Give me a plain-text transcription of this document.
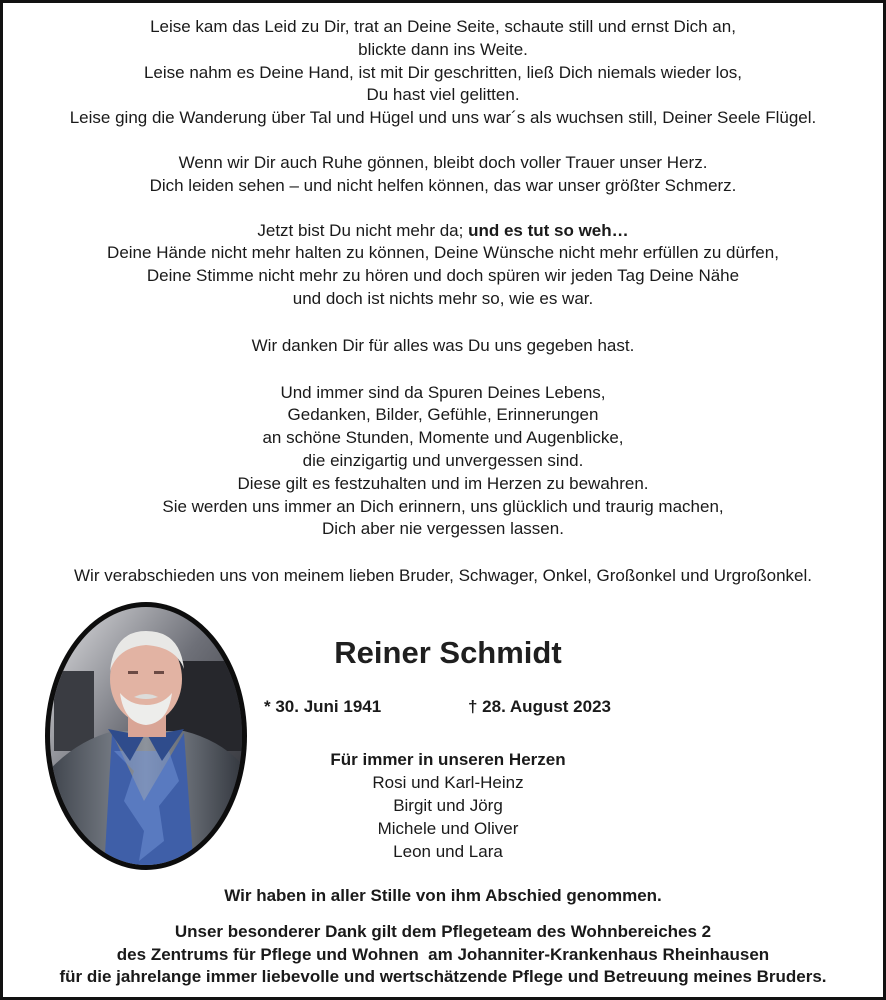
Leise kam das Leid zu Dir, trat an Deine Seite, schaute still und ernst Dich an,

blickte dann ins Weite.

Leise nahm es Deine Hand, ist mit Dir geschritten, ließ Dich niemals wieder los,

Du hast viel gelitten.

Leise ging die Wanderung über Tal und Hügel und uns war´s als wuchsen still, Deiner Seele Flügel.

Wenn wir Dir auch Ruhe gönnen, bleibt doch voller Trauer unser Herz.

Dich leiden sehen – und nicht helfen können, das war unser größter Schmerz.

Jetzt bist Du nicht mehr da; und es tut so weh…

Deine Hände nicht mehr halten zu können, Deine Wünsche nicht mehr erfüllen zu dürfen,

Deine Stimme nicht mehr zu hören und doch spüren wir jeden Tag Deine Nähe

und doch ist nichts mehr so, wie es war.

Wir danken Dir für alles was Du uns gegeben hast.

Und immer sind da Spuren Deines Lebens,

Gedanken, Bilder, Gefühle, Erinnerungen

an schöne Stunden, Momente und Augenblicke,

die einzigartig und unvergessen sind.

Diese gilt es festzuhalten und im Herzen zu bewahren.

Sie werden uns immer an Dich erinnern, uns glücklich und traurig machen,

Dich aber nie vergessen lassen.

Wir verabschieden uns von meinem lieben Bruder, Schwager, Onkel, Großonkel und Urgroßonkel.
Reiner Schmidt
* 30. Juni 1941	† 28. August 2023
Für immer in unseren Herzen
Rosi und Karl-Heinz
Birgit und Jörg
Michele und Oliver
Leon und Lara
Wir haben in aller Stille von ihm Abschied genommen.
Unser besonderer Dank gilt dem Pflegeteam des Wohnbereiches 2
des Zentrums für Pflege und Wohnen  am Johanniter-Krankenhaus Rheinhausen
für die jahrelange immer liebevolle und wertschätzende Pflege und Betreuung meines Bruders.
